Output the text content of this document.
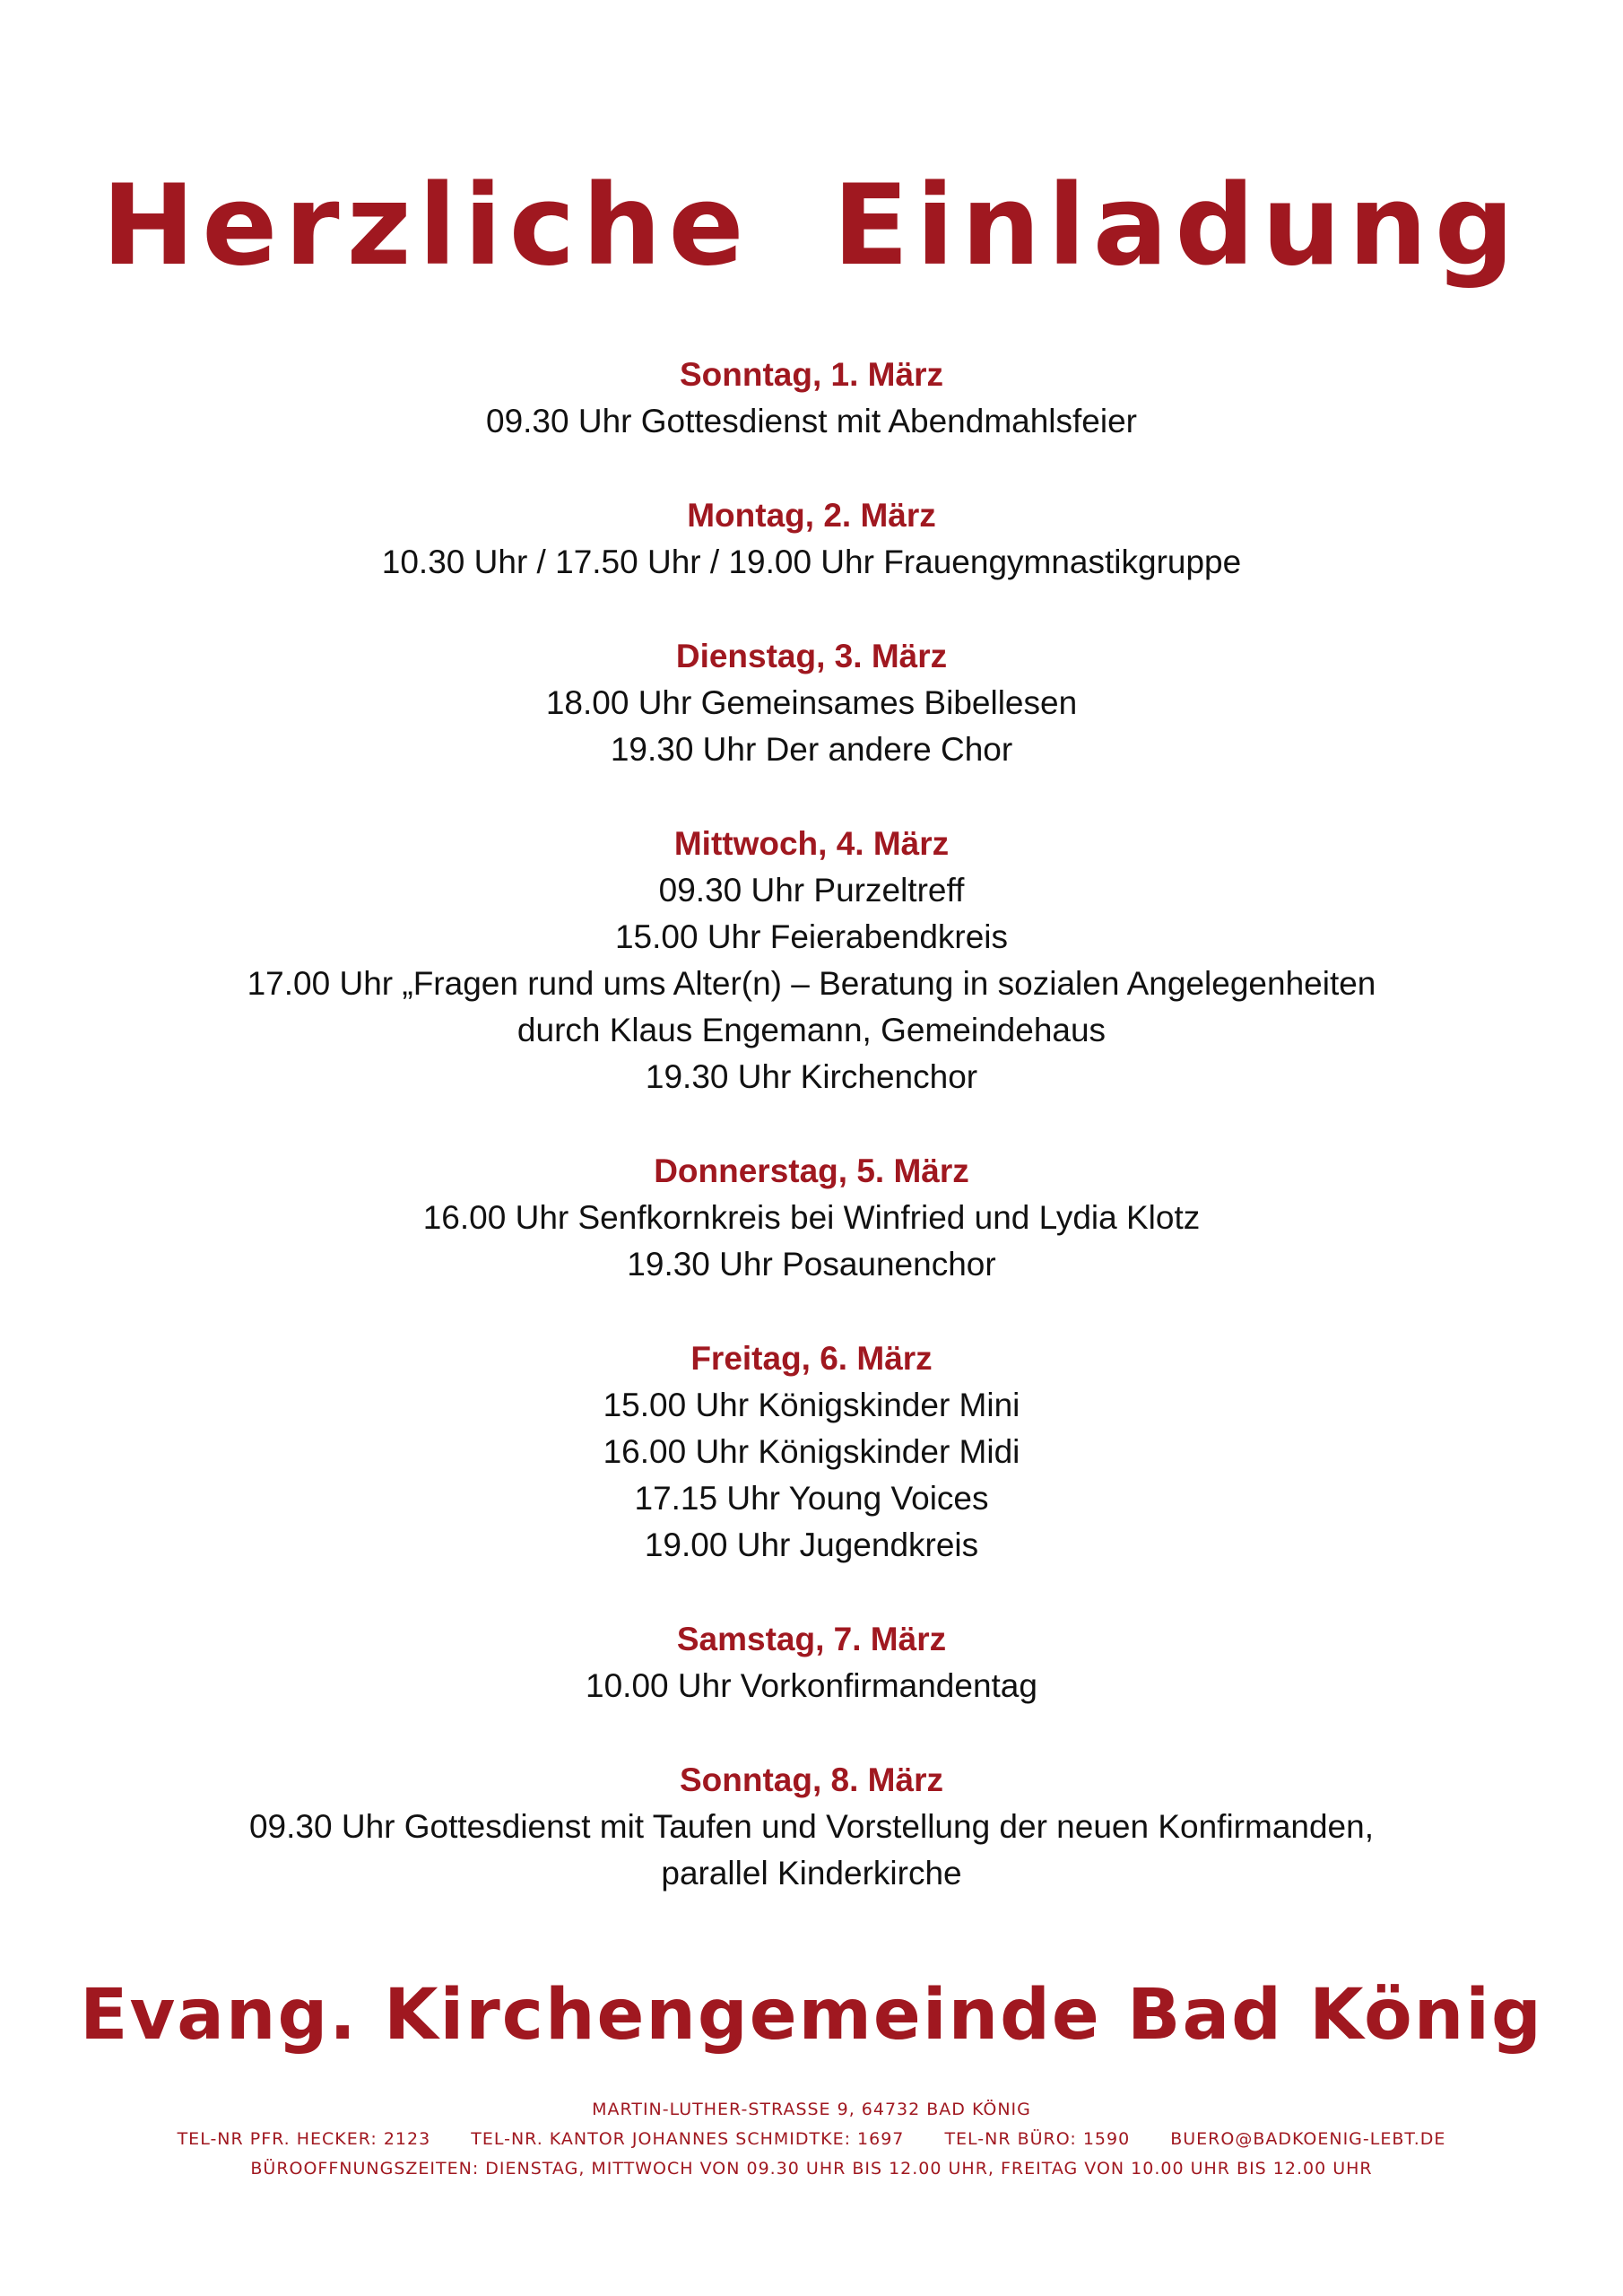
Herzliche Einladung
Sonntag, 1. März
09.30 Uhr Gottesdienst mit Abendmahlsfeier
Montag, 2. März
10.30 Uhr / 17.50 Uhr / 19.00 Uhr Frauengymnastikgruppe
Dienstag, 3. März
18.00 Uhr Gemeinsames Bibellesen
19.30 Uhr Der andere Chor
Mittwoch, 4. März
09.30 Uhr Purzeltreff
15.00 Uhr Feierabendkreis
17.00 Uhr „Fragen rund ums Alter(n) – Beratung in sozialen Angelegenheiten
durch Klaus Engemann, Gemeindehaus
19.30 Uhr Kirchenchor
Donnerstag, 5. März
16.00 Uhr Senfkornkreis bei Winfried und Lydia Klotz
19.30 Uhr Posaunenchor
Freitag, 6. März
15.00 Uhr Königskinder Mini
16.00 Uhr Königskinder Midi
17.15 Uhr Young Voices
19.00 Uhr Jugendkreis
Samstag, 7. März
10.00 Uhr Vorkonfirmandentag
Sonntag, 8. März
09.30 Uhr Gottesdienst mit Taufen und Vorstellung der neuen Konfirmanden,
parallel Kinderkirche
Evang. Kirchengemeinde Bad König
MARTIN-LUTHER-STRASSE 9, 64732 BAD KÖNIG
TEL-NR PFR. HECKER: 2123 TEL-NR. KANTOR JOHANNES SCHMIDTKE: 1697 TEL-NR BÜRO: 1590 BUERO@BADKOENIG-LEBT.DE
BÜROOFFNUNGSZEITEN: DIENSTAG, MITTWOCH VON 09.30 UHR BIS 12.00 UHR, FREITAG VON 10.00 UHR BIS 12.00 UHR
